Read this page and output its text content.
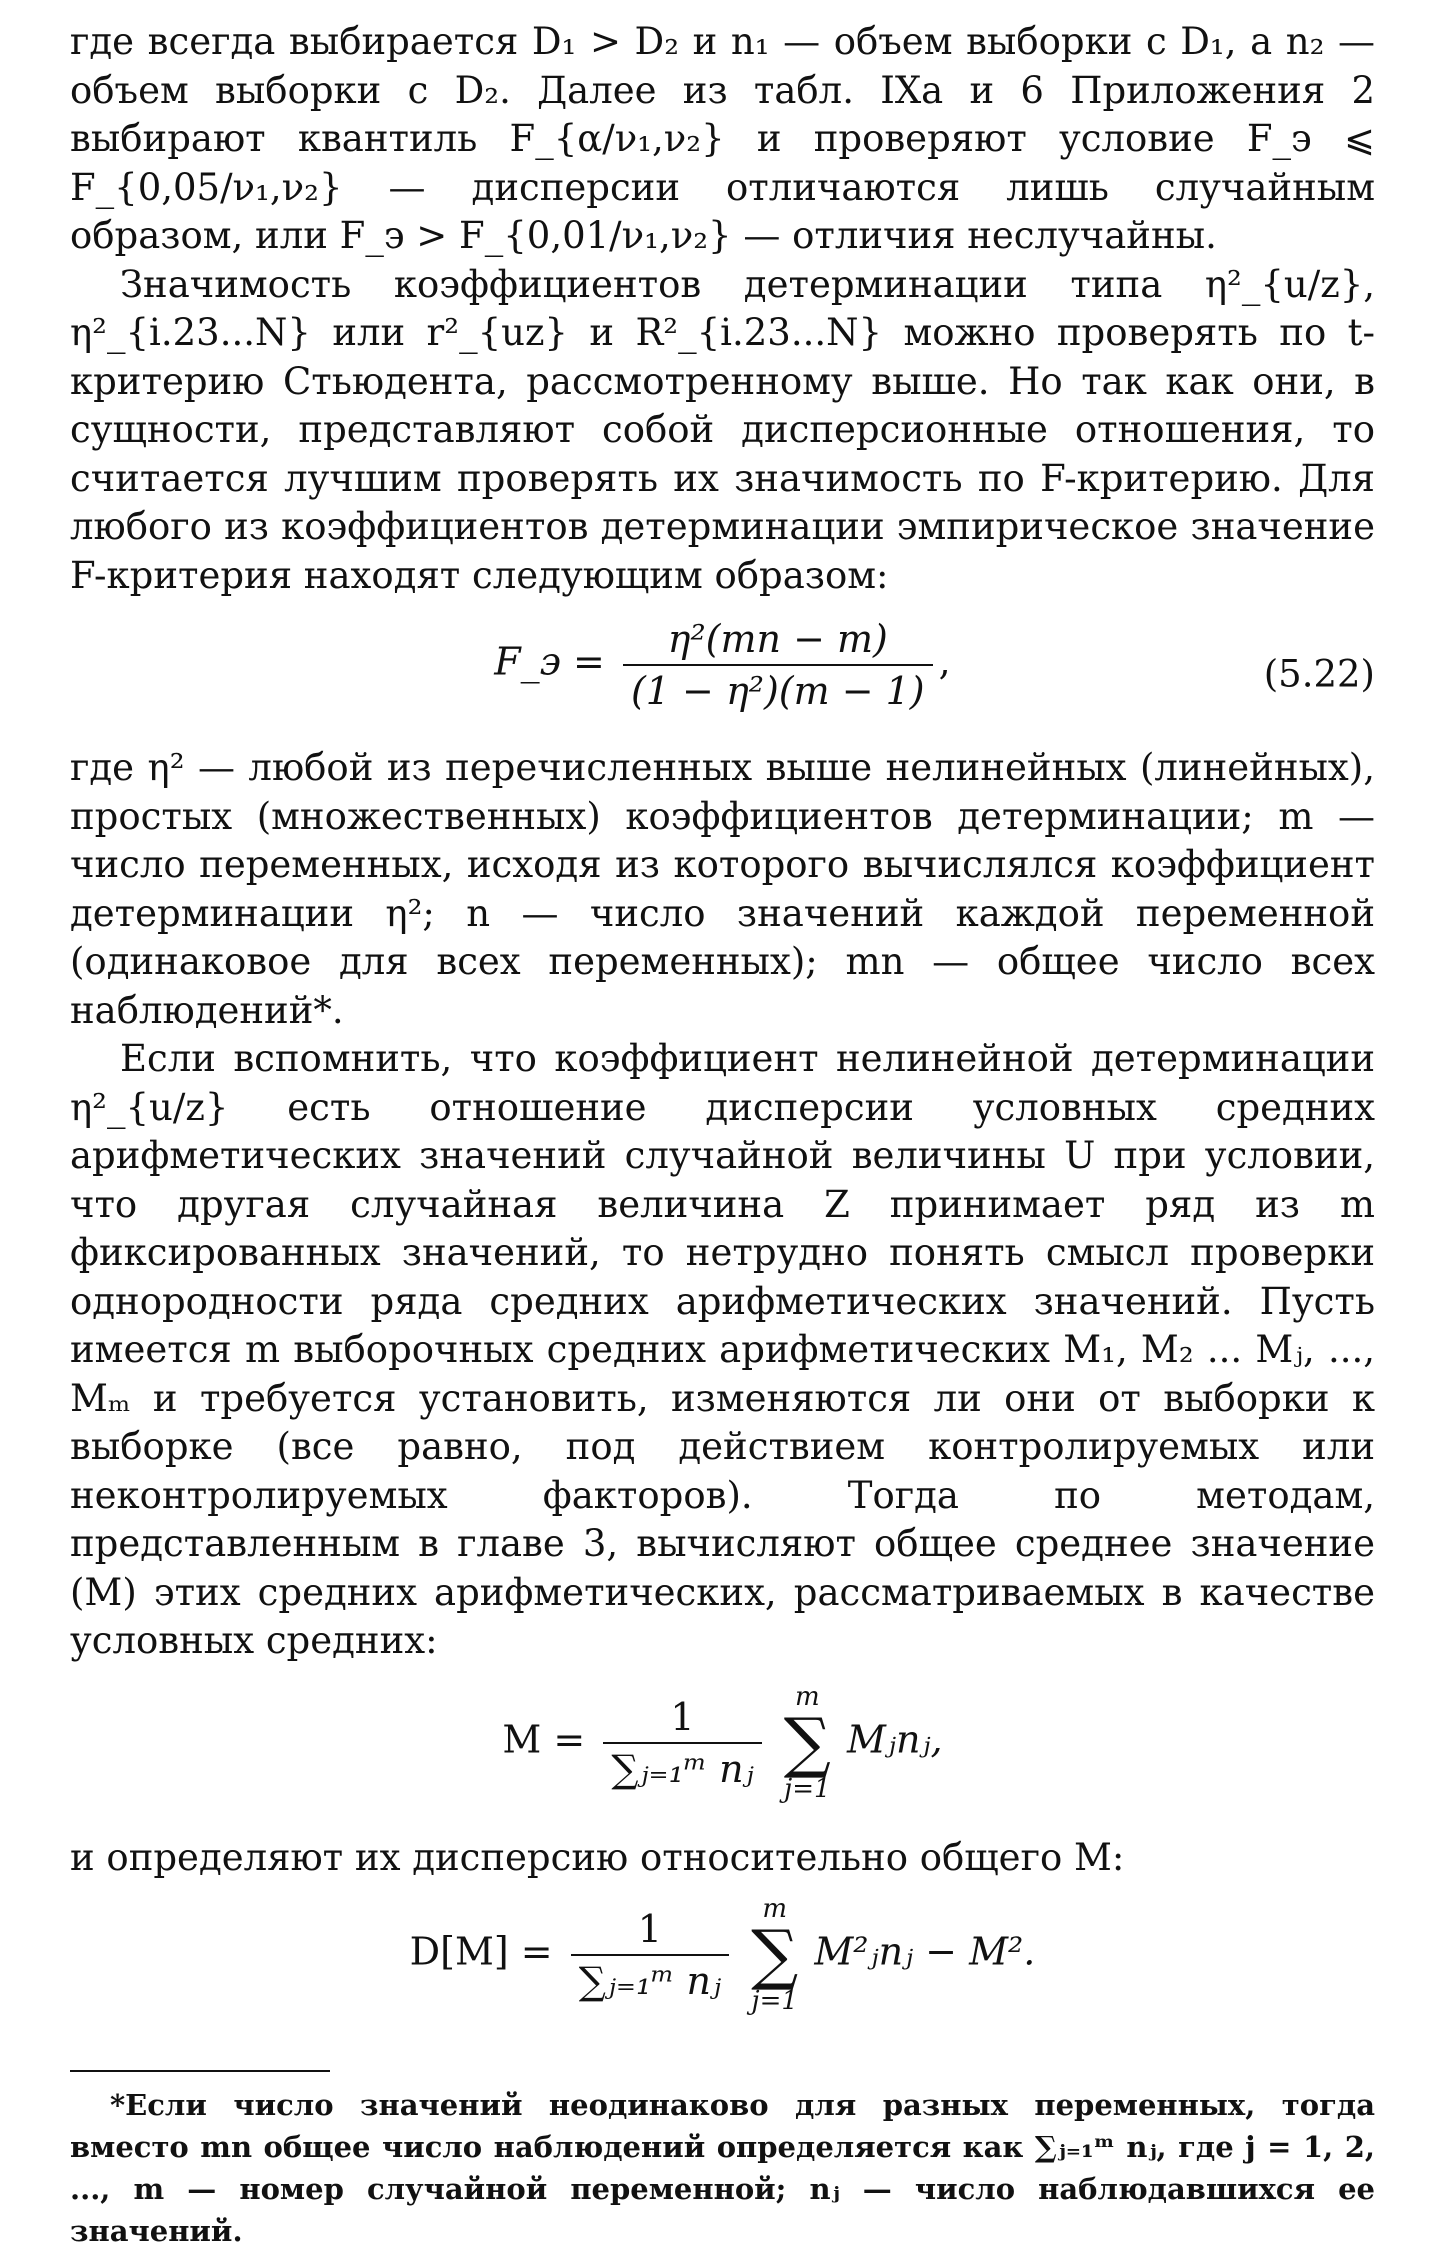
где всегда выбирается D₁ > D₂ и n₁ — объем выборки с D₁, а n₂ — объем выборки с D₂. Далее из табл. IXa и 6 Приложения 2 выбирают квантиль F_{α/ν₁,ν₂} и проверяют условие F_э ⩽ F_{0,05/ν₁,ν₂} — дисперсии отличаются лишь случайным образом, или F_э > F_{0,01/ν₁,ν₂} — отличия неслучайны.

Значимость коэффициентов детерминации типа η²_{u/z}, η²_{i.23...N} или r²_{uz} и R²_{i.23...N} можно проверять по t-критерию Стьюдента, рассмотренному выше. Но так как они, в сущности, представляют собой дисперсионные отношения, то считается лучшим проверять их значимость по F-критерию. Для любого из коэффициентов детерминации эмпирическое значение F-критерия находят следующим образом:

F_э = $\frac{\text{η²(mn − m)}}{\text{(1 − η²)(m − 1)}}$ ,	(5.22)

где η² — любой из перечисленных выше нелинейных (линейных), простых (множественных) коэффициентов детерминации; m — число переменных, исходя из которого вычислялся коэффициент детерминации η²; n — число значений каждой переменной (одинаковое для всех переменных); mn — общее число всех наблюдений*.

Если вспомнить, что коэффициент нелинейной детерминации η²_{u/z} есть отношение дисперсии условных средних арифметических значений случайной величины U при условии, что другая случайная величина Z принимает ряд из m фиксированных значений, то нетрудно понять смысл проверки однородности ряда средних арифметических значений. Пусть имеется m выборочных средних арифметических M₁, M₂ ... Mⱼ, ..., Mₘ и требуется установить, изменяются ли они от выборки к выборке (все равно, под действием контролируемых или неконтролируемых факторов). Тогда по методам, представленным в главе 3, вычисляют общее среднее значение (M) этих средних арифметических, рассматриваемых в качестве условных средних:

$M = \frac{1}{\text{∑ⱼ₌₁ᵐ nⱼ}}$
	m
∑
j=1
Mⱼnⱼ,

и определяют их дисперсию относительно общего M:

$D[M] = \frac{1}{\text{∑ⱼ₌₁ᵐ nⱼ}}$
	m
∑
j=1
M²ⱼnⱼ − M².

*Если число значений неодинаково для разных переменных, тогда вместо mn общее число наблюдений определяется как ∑ⱼ₌₁ᵐ nⱼ, где j = 1, 2, ..., m — номер случайной переменной; nⱼ — число наблюдавшихся ее значений.
